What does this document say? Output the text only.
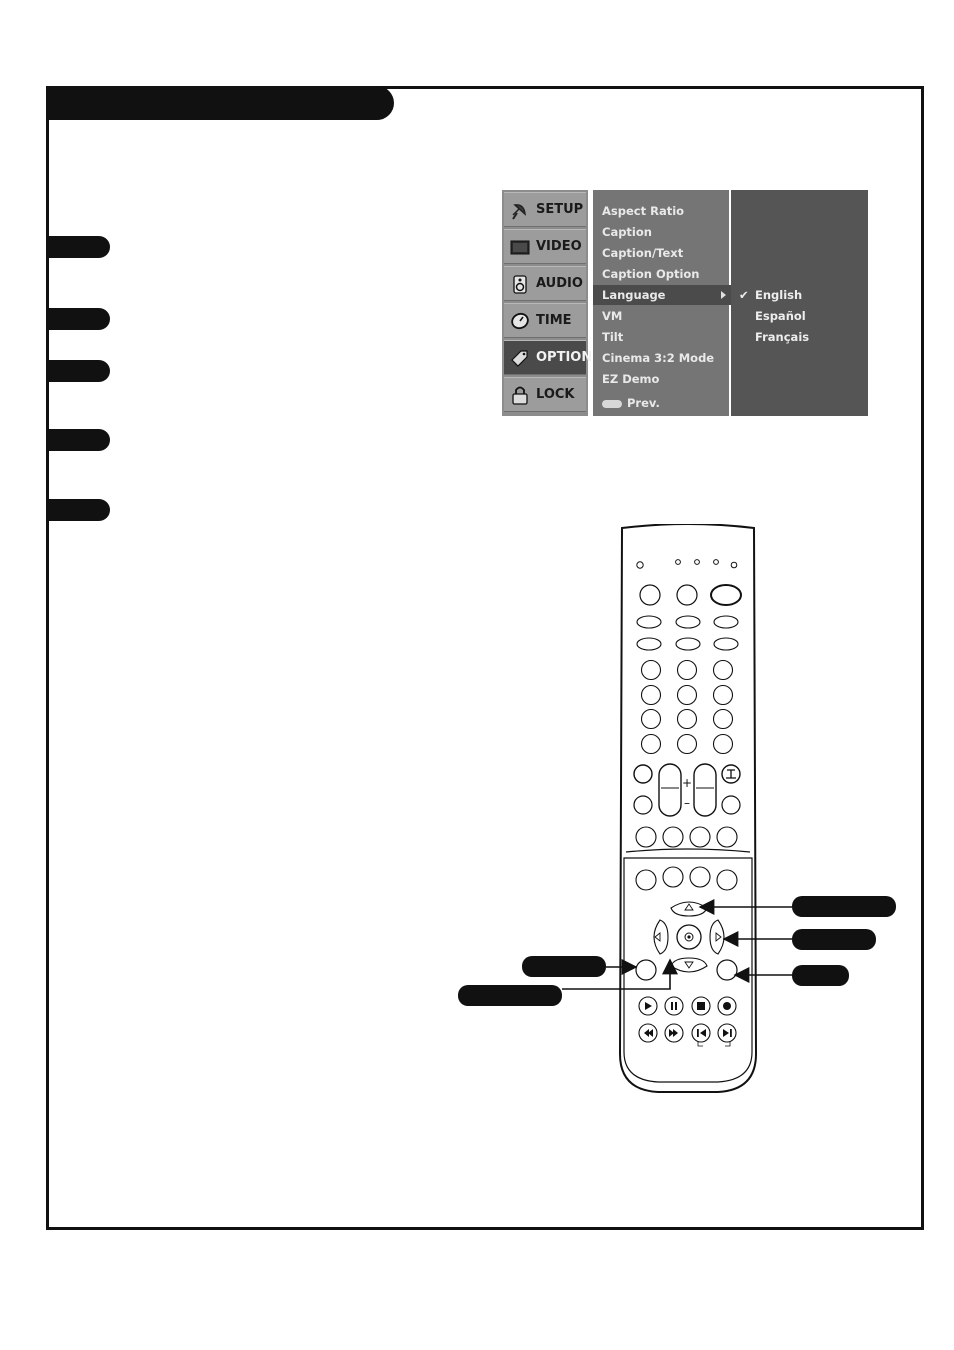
SETUP
VIDEO
AUDIO
TIME
OPTION
LOCK
Aspect Ratio
Caption
Caption/Text
Caption Option
VM
Tilt
Cinema 3:2 Mode
EZ Demo
Prev.
✔ English
Español
Français
Language
+
–
